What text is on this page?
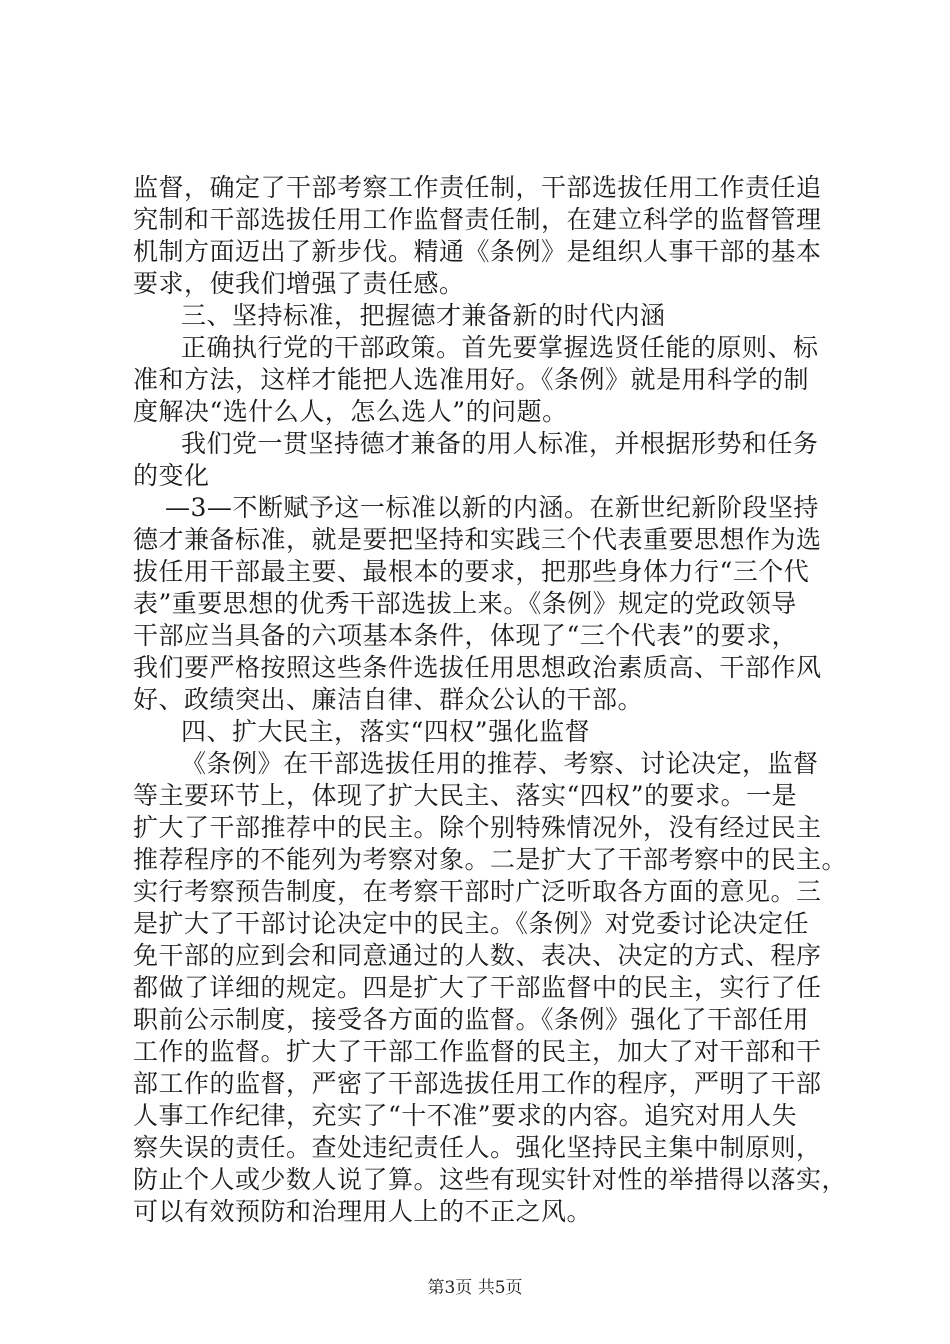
监督，确定了干部考察工作责任制，干部选拔任用工作责任追
究制和干部选拔任用工作监督责任制，在建立科学的监督管理
机制方面迈出了新步伐。精通《条例》是组织人事干部的基本
要求，使我们增强了责任感。
三、坚持标准，把握德才兼备新的时代内涵
正确执行党的干部政策。首先要掌握选贤任能的原则、标
准和方法，这样才能把人选准用好。《条例》就是用科学的制
度解决“选什么人，怎么选人”的问题。
我们党一贯坚持德才兼备的用人标准，并根据形势和任务
的变化
—3—不断赋予这一标准以新的内涵。在新世纪新阶段坚持
德才兼备标准，就是要把坚持和实践三个代表重要思想作为选
拔任用干部最主要、最根本的要求，把那些身体力行“三个代
表”重要思想的优秀干部选拔上来。《条例》规定的党政领导
干部应当具备的六项基本条件，体现了“三个代表”的要求，
我们要严格按照这些条件选拔任用思想政治素质高、干部作风
好、政绩突出、廉洁自律、群众公认的干部。
四、扩大民主，落实“四权”强化监督
《条例》在干部选拔任用的推荐、考察、讨论决定，监督
等主要环节上，体现了扩大民主、落实“四权”的要求。一是
扩大了干部推荐中的民主。除个别特殊情况外，没有经过民主
推荐程序的不能列为考察对象。二是扩大了干部考察中的民主。
实行考察预告制度，在考察干部时广泛听取各方面的意见。三
是扩大了干部讨论决定中的民主。《条例》对党委讨论决定任
免干部的应到会和同意通过的人数、表决、决定的方式、程序
都做了详细的规定。四是扩大了干部监督中的民主，实行了任
职前公示制度，接受各方面的监督。《条例》强化了干部任用
工作的监督。扩大了干部工作监督的民主，加大了对干部和干
部工作的监督，严密了干部选拔任用工作的程序，严明了干部
人事工作纪律，充实了“十不准”要求的内容。追究对用人失
察失误的责任。查处违纪责任人。强化坚持民主集中制原则，
防止个人或少数人说了算。这些有现实针对性的举措得以落实，
可以有效预防和治理用人上的不正之风。
第3页 共5页
